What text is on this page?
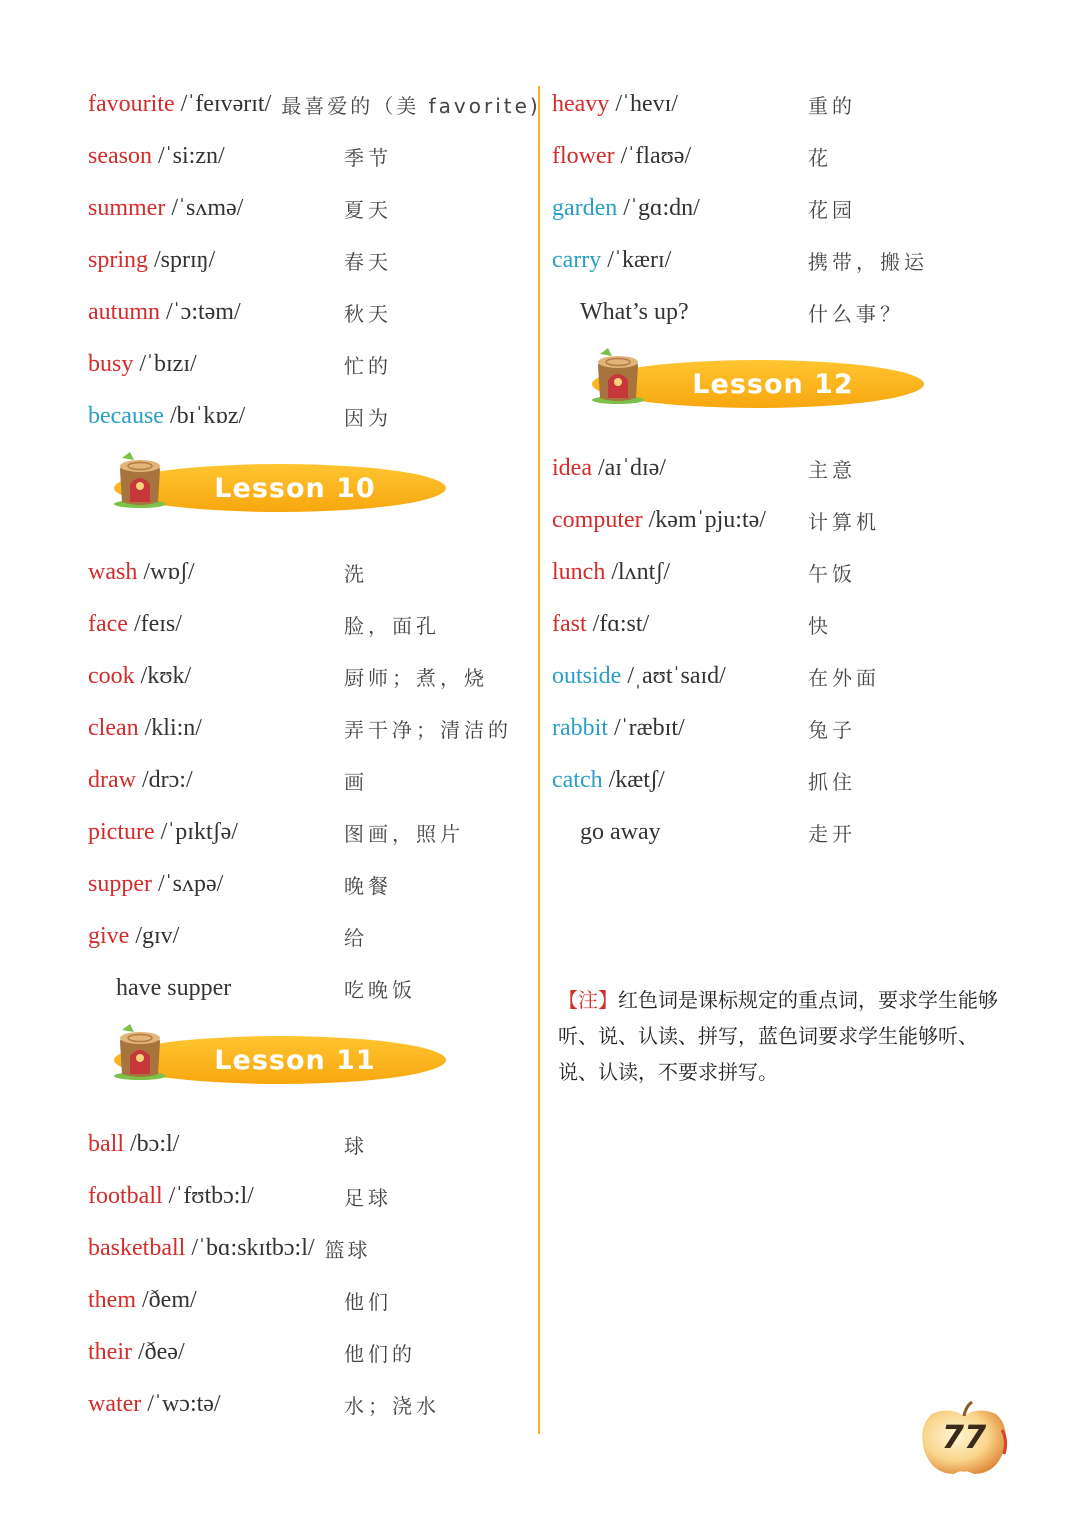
favourite /ˈfeɪvərɪt/ 最喜爱的（美 favorite)
season /ˈsi:zn/	季节
summer /ˈsʌmə/	夏天
spring /sprɪŋ/	春天
autumn /ˈɔ:təm/	秋天
busy /ˈbɪzɪ/	忙的
because /bɪˈkɒz/	因为
Lesson 10
wash /wɒʃ/	洗
face /feɪs/	脸，面孔
cook /kʊk/	厨师；煮，烧
clean /kli:n/	弄干净；清洁的
draw /drɔ:/	画
picture /ˈpɪktʃə/	图画，照片
supper /ˈsʌpə/	晚餐
give /gɪv/	给
have supper	吃晚饭
Lesson 11
ball /bɔ:l/	球
football /ˈfʊtbɔ:l/	足球
basketball /ˈbɑ:skɪtbɔ:l/ 篮球
them /ðem/	他们
their /ðeə/	他们的
water /ˈwɔ:tə/	水；浇水
heavy /ˈhevɪ/	重的
flower /ˈflaʊə/	花
garden /ˈgɑ:dn/	花园
carry /ˈkærɪ/	携带，搬运
What’s up?	什么事？
Lesson 12
idea /aɪˈdɪə/	主意
computer /kəmˈpju:tə/ 计算机
lunch /lʌntʃ/	午饭
fast /fɑ:st/	快
outside /ˌaʊtˈsaɪd/	在外面
rabbit /ˈræbɪt/	兔子
catch /kætʃ/	抓住
go away	走开
【注】红色词是课标规定的重点词，要求学生能够听、说、认读、拼写，蓝色词要求学生能够听、说、认读，不要求拼写。
77
